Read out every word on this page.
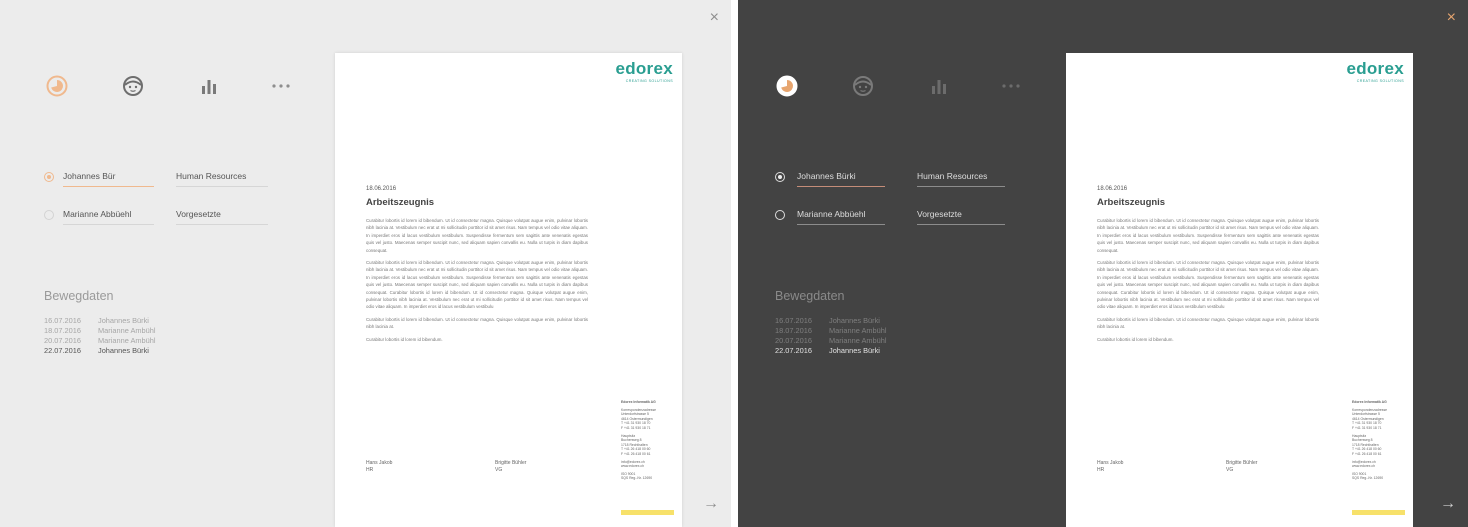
×
Johannes Bür	Human Resources
Marianne Abbüehl	Vorgesetzte
Bewegdaten
16.07.2016	Johannes Bürki
18.07.2016	Marianne Ambühl
20.07.2016	Marianne Ambühl
22.07.2016	Johannes Bürki
edorex
CREATING SOLUTIONS
18.06.2016
Arbeitszeugnis

Curabitur lobortis id lorem id bibendum. Ut id consectetur magna. Quisque volutpat augue enim, pulvinar lobortis nibh lacinia at. Vestibulum nec erat ut mi sollicitudin porttitor id sit amet risus. Nam tempus vel odio vitae aliquam. In imperdiet eros id lacus vestibulum vestibulum. Suspendisse fermentum sem sagittis ante venenatis egestas quis vel justo. Maecenas semper suscipit nunc, sed aliquam sapien convallis eu. Nulla ut turpis in diam dapibus consequat.

Curabitur lobortis id lorem id bibendum. Ut id consectetur magna. Quisque volutpat augue enim, pulvinar lobortis nibh lacinia at. Vestibulum nec erat ut mi sollicitudin porttitor id sit amet risus. Nam tempus vel odio vitae aliquam. In imperdiet eros id lacus vestibulum vestibulum. Suspendisse fermentum sem sagittis ante venenatis egestas quis vel justo. Maecenas semper suscipit nunc, sed aliquam sapien convallis eu. Nulla ut turpis in diam dapibus consequat. Curabitur lobortis id lorem id bibendum. Ut id consectetur magna. Quisque volutpat augue enim, pulvinar lobortis nibh lacinia at. Vestibulum nec erat ut mi sollicitudin porttitor id sit amet risus. Nam tempus vel odio vitae aliquam. In imperdiet eros id lacus vestibulum vestibulu

Curabitur lobortis id lorem id bibendum. Ut id consectetur magna. Quisque volutpat augue enim, pulvinar lobortis nibh lacinia at.

Curabitur lobortis id lorem id bibendum.

Hans Jakob
HR
Brigitte Bühler
VG
Edorex Informatik AG
Korrespondenzadresse
Unterdorfstrasse 5
4614 Ostermundigen
T +41 31 930 18 70
F +41 31 930 18 71
Hauptsitz
Buchenweg 8
1718 Rechthalten
T +41 26 418 00 60
F +41 26 418 00 61
info@edorex.ch
www.edorex.ch
ISO 9001
SQS Reg.-Nr. 12690
→
×
Johannes Bürki	Human Resources
Marianne Abbüehl	Vorgesetzte
Bewegdaten
16.07.2016	Johannes Bürki
18.07.2016	Marianne Ambühl
20.07.2016	Marianne Ambühl
22.07.2016	Johannes Bürki
edorex
CREATING SOLUTIONS
18.06.2016
Arbeitszeugnis

Curabitur lobortis id lorem id bibendum. Ut id consectetur magna. Quisque volutpat augue enim, pulvinar lobortis nibh lacinia at. Vestibulum nec erat ut mi sollicitudin porttitor id sit amet risus. Nam tempus vel odio vitae aliquam. In imperdiet eros id lacus vestibulum vestibulum. Suspendisse fermentum sem sagittis ante venenatis egestas quis vel justo. Maecenas semper suscipit nunc, sed aliquam sapien convallis eu. Nulla ut turpis in diam dapibus consequat.

Curabitur lobortis id lorem id bibendum. Ut id consectetur magna. Quisque volutpat augue enim, pulvinar lobortis nibh lacinia at. Vestibulum nec erat ut mi sollicitudin porttitor id sit amet risus. Nam tempus vel odio vitae aliquam. In imperdiet eros id lacus vestibulum vestibulum. Suspendisse fermentum sem sagittis ante venenatis egestas quis vel justo. Maecenas semper suscipit nunc, sed aliquam sapien convallis eu. Nulla ut turpis in diam dapibus consequat. Curabitur lobortis id lorem id bibendum. Ut id consectetur magna. Quisque volutpat augue enim, pulvinar lobortis nibh lacinia at. Vestibulum nec erat ut mi sollicitudin porttitor id sit amet risus. Nam tempus vel odio vitae aliquam. In imperdiet eros id lacus vestibulum vestibulu

Curabitur lobortis id lorem id bibendum. Ut id consectetur magna. Quisque volutpat augue enim, pulvinar lobortis nibh lacinia at.

Curabitur lobortis id lorem id bibendum.

Hans Jakob
HR
Brigitte Bühler
VG
Edorex Informatik AG
Korrespondenzadresse
Unterdorfstrasse 5
4614 Ostermundigen
T +41 31 930 18 70
F +41 31 930 18 71
Hauptsitz
Buchenweg 8
1718 Rechthalten
T +41 26 418 00 60
F +41 26 418 00 61
info@edorex.ch
www.edorex.ch
ISO 9001
SQS Reg.-Nr. 12690
→
